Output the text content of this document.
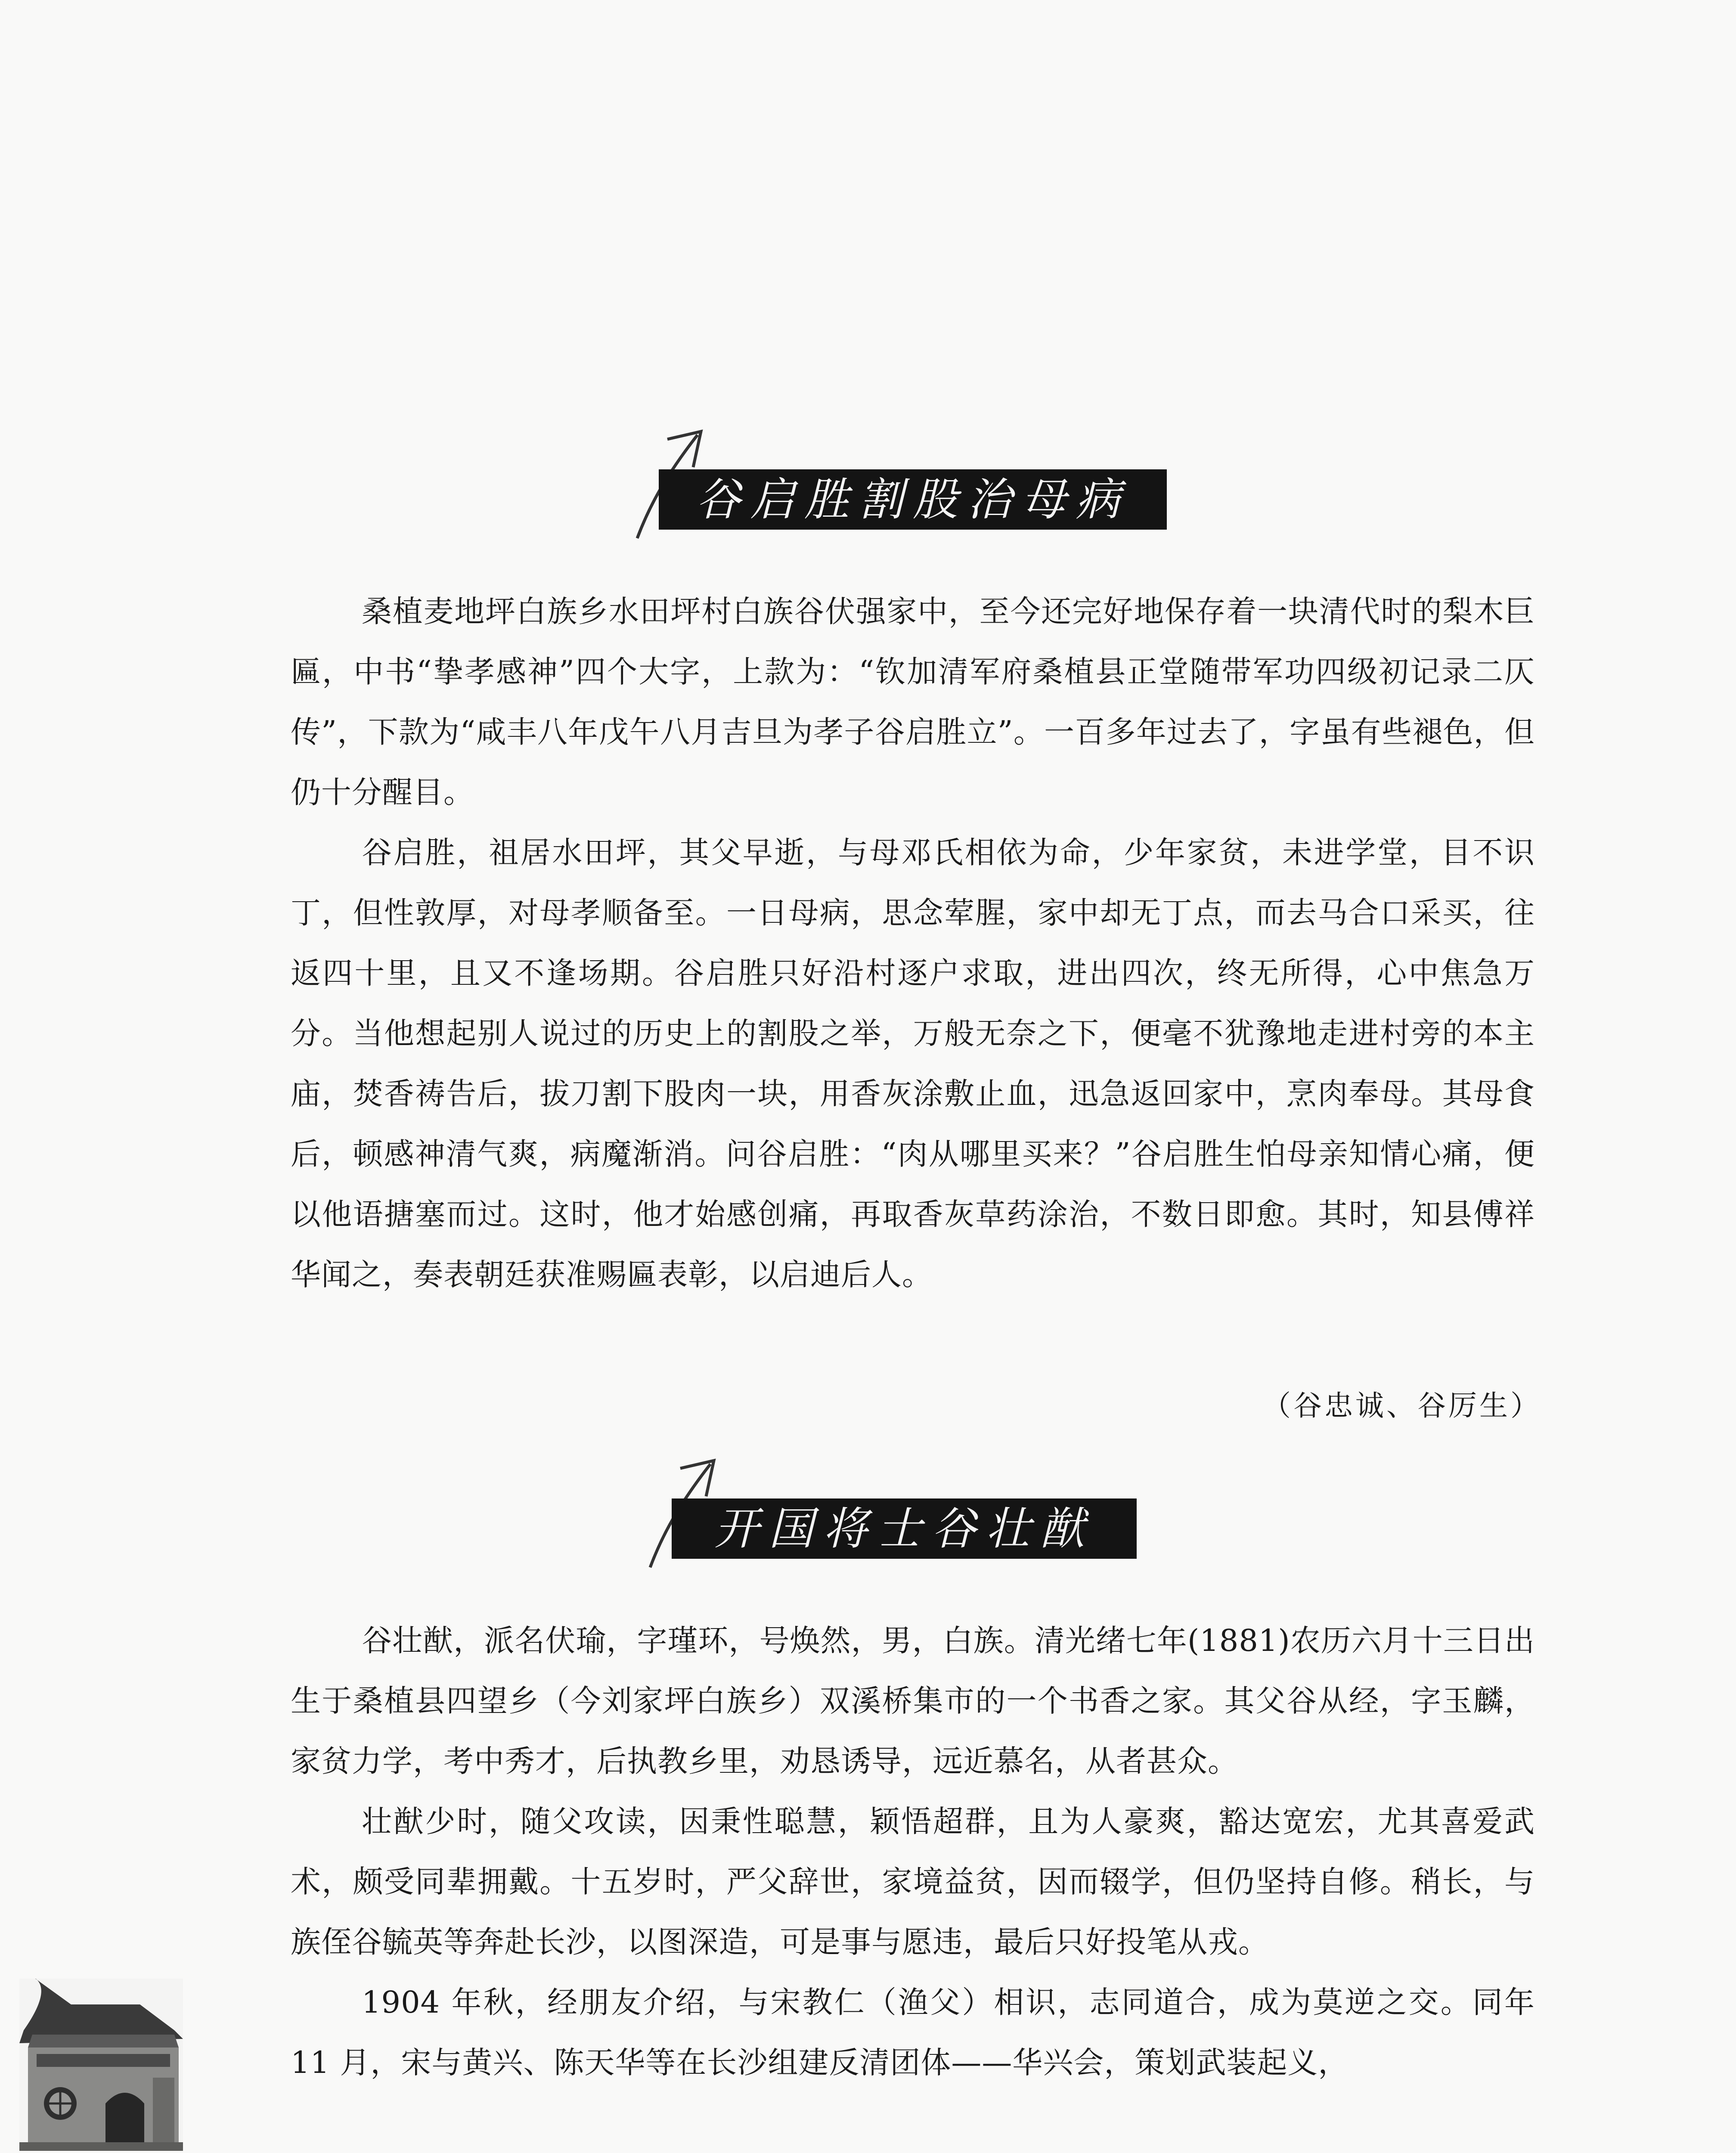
谷启胜割股治母病

桑植麦地坪白族乡水田坪村白族谷伏强家中，至今还完好地保存着一块清代时的梨木巨匾，中书“挚孝感神”四个大字，上款为：“钦加清军府桑植县正堂随带军功四级初记录二仄传”，下款为“咸丰八年戊午八月吉旦为孝子谷启胜立”。一百多年过去了，字虽有些褪色，但仍十分醒目。

谷启胜，祖居水田坪，其父早逝，与母邓氏相依为命，少年家贫，未进学堂，目不识丁，但性敦厚，对母孝顺备至。一日母病，思念荤腥，家中却无丁点，而去马合口采买，往返四十里，且又不逢场期。谷启胜只好沿村逐户求取，进出四次，终无所得，心中焦急万分。当他想起别人说过的历史上的割股之举，万般无奈之下，便毫不犹豫地走进村旁的本主庙，焚香祷告后，拔刀割下股肉一块，用香灰涂敷止血，迅急返回家中，烹肉奉母。其母食后，顿感神清气爽，病魔渐消。问谷启胜：“肉从哪里买来？”谷启胜生怕母亲知情心痛，便以他语搪塞而过。这时，他才始感创痛，再取香灰草药涂治，不数日即愈。其时，知县傅祥华闻之，奏表朝廷获准赐匾表彰，以启迪后人。

（谷忠诚、谷厉生）
开国将士谷壮猷

谷壮猷，派名伏瑜，字瑾环，号焕然，男，白族。清光绪七年(1881)农历六月十三日出生于桑植县四望乡（今刘家坪白族乡）双溪桥集市的一个书香之家。其父谷从经，字玉麟，家贫力学，考中秀才，后执教乡里，劝恳诱导，远近慕名，从者甚众。

壮猷少时，随父攻读，因秉性聪慧，颖悟超群，且为人豪爽，豁达宽宏，尤其喜爱武术，颇受同辈拥戴。十五岁时，严父辞世，家境益贫，因而辍学，但仍坚持自修。稍长，与族侄谷毓英等奔赴长沙，以图深造，可是事与愿违，最后只好投笔从戎。

1904 年秋，经朋友介绍，与宋教仁（渔父）相识，志同道合，成为莫逆之交。同年 11 月，宋与黄兴、陈天华等在长沙组建反清团体——华兴会，策划武装起义，
